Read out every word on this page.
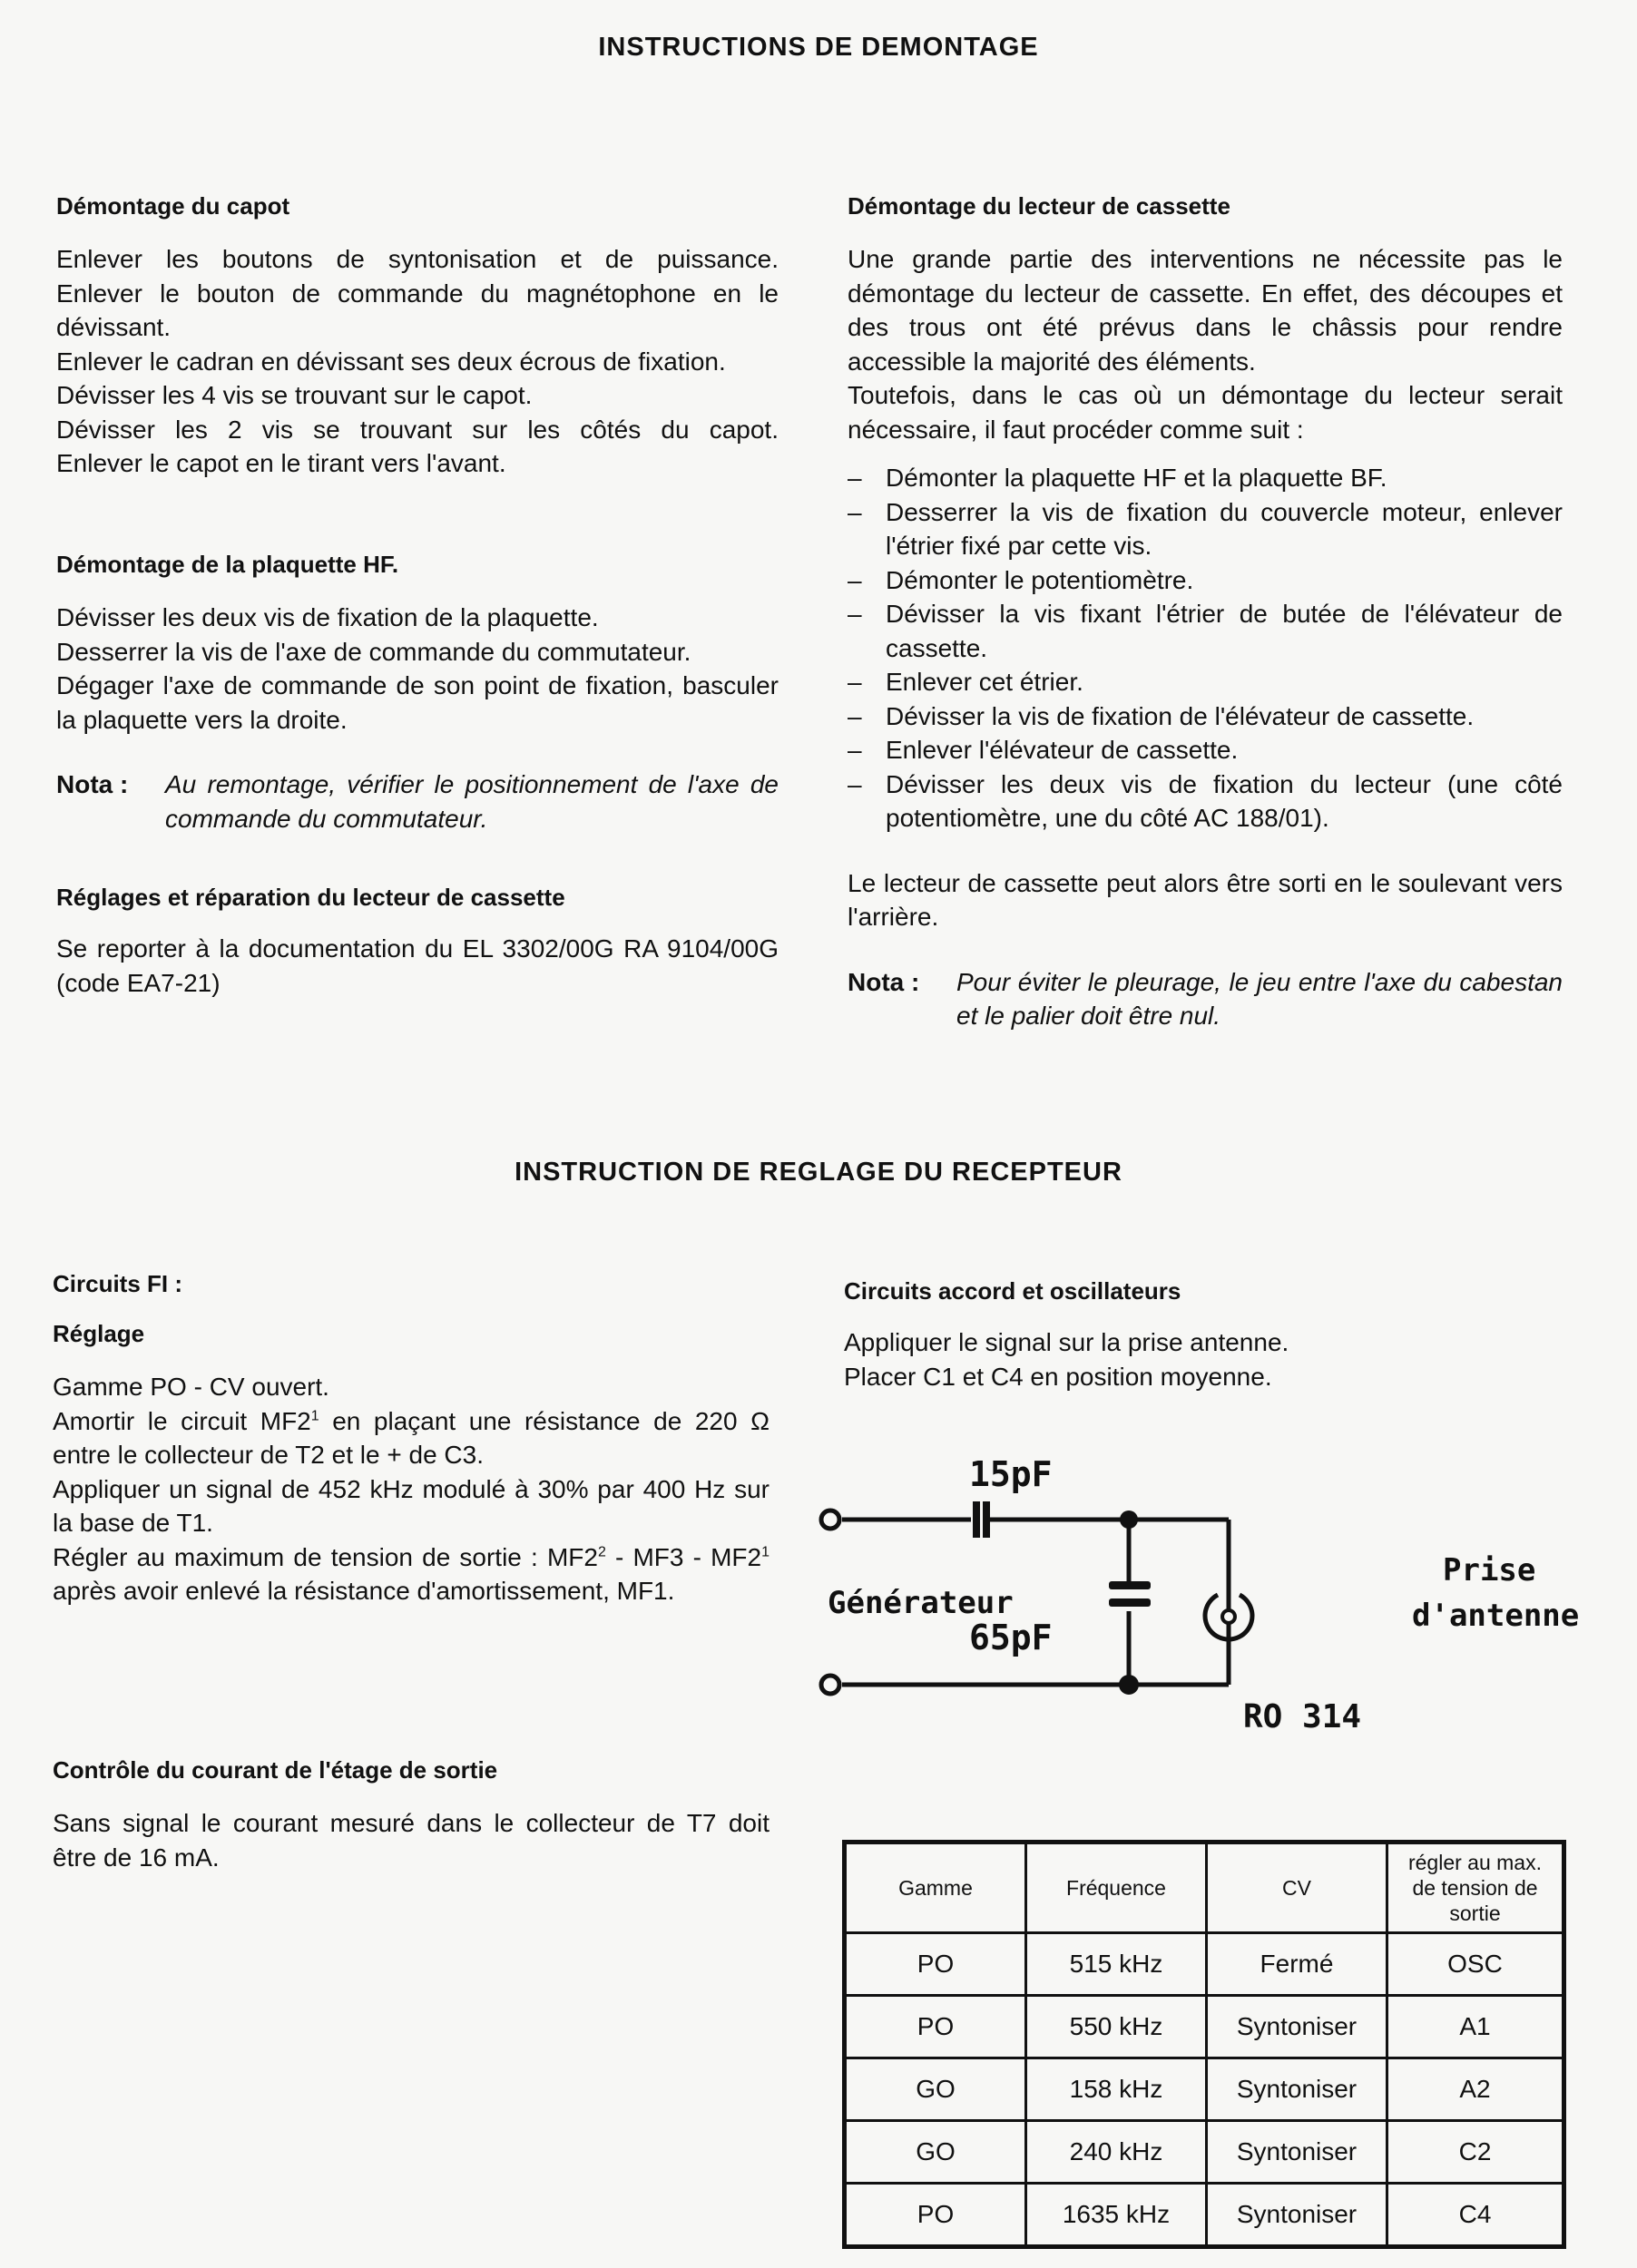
INSTRUCTIONS DE DEMONTAGE
Démontage du capot
Enlever les boutons de syntonisation et de puissance.
Enlever le bouton de commande du magnétophone en le dévissant.
Enlever le cadran en dévissant ses deux écrous de fixation.
Dévisser les 4 vis se trouvant sur le capot.
Dévisser les 2 vis se trouvant sur les côtés du capot.
Enlever le capot en le tirant vers l'avant.
Démontage de la plaquette HF.
Dévisser les deux vis de fixation de la plaquette.
Desserrer la vis de l'axe de commande du commutateur.
Dégager l'axe de commande de son point de fixation, basculer la plaquette vers la droite.
Nota :	Au remontage, vérifier le positionnement de l'axe de commande du commutateur.
Réglages et réparation du lecteur de cassette
Se reporter à la documentation du EL 3302/00G RA 9104/00G (code EA7-21)
Démontage du lecteur de cassette
Une grande partie des interventions ne nécessite pas le démontage du lecteur de cassette. En effet, des découpes et des trous ont été prévus dans le châssis pour rendre accessible la majorité des éléments.
Toutefois, dans le cas où un démontage du lecteur serait nécessaire, il faut procéder comme suit :
– Démonter la plaquette HF et la plaquette BF.
– Desserrer la vis de fixation du couvercle moteur, enlever l'étrier fixé par cette vis.
– Démonter le potentiomètre.
– Dévisser la vis fixant l'étrier de butée de l'élévateur de cassette.
– Enlever cet étrier.
– Dévisser la vis de fixation de l'élévateur de cassette.
– Enlever l'élévateur de cassette.
– Dévisser les deux vis de fixation du lecteur (une côté potentiomètre, une du côté AC 188/01).
Le lecteur de cassette peut alors être sorti en le soulevant vers l'arrière.
Nota :	Pour éviter le pleurage, le jeu entre l'axe du cabestan et le palier doit être nul.
INSTRUCTION DE REGLAGE DU RECEPTEUR
Circuits FI :
Réglage
Gamme PO - CV ouvert.
Amortir le circuit $MF2^1$ en plaçant une résistance de 220 Ω entre le collecteur de T2 et le + de C3.
Appliquer un signal de 452 kHz modulé à 30% par 400 Hz sur la base de T1.
Régler au maximum de tension de sortie : $MF2^2 - MF3 - MF2^1$ après avoir enlevé la résistance d'amortissement, MF1.
Contrôle du courant de l'étage de sortie
Sans signal le courant mesuré dans le collecteur de T7 doit être de 16 mA.
Circuits accord et oscillateurs
Appliquer le signal sur la prise antenne.
Placer C1 et C4 en position moyenne.
15pF
65pF
Générateur
Prise
d'antenne
RO 314
Gamme	Fréquence	CV	régler au max. de tension de sortie
PO	515 kHz	Fermé	OSC
PO	550 kHz	Syntoniser	A1
GO	158 kHz	Syntoniser	A2
GO	240 kHz	Syntoniser	C2
PO	1635 kHz	Syntoniser	C4
